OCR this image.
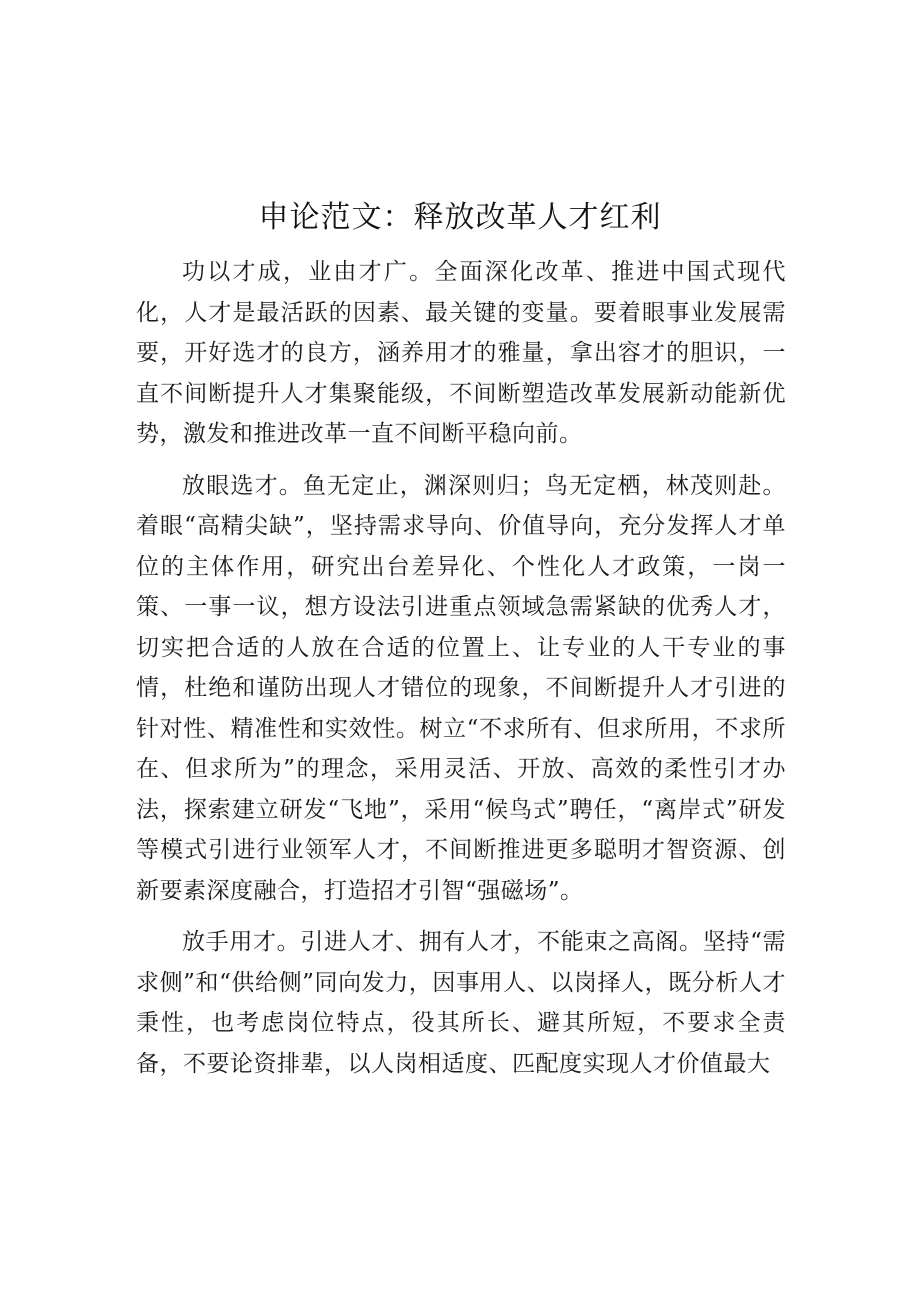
申论范文：释放改革人才红利

功以才成，业由才广。全面深化改革、推进中国式现代化，人才是最活跃的因素、最关键的变量。要着眼事业发展需要，开好选才的良方，涵养用才的雅量，拿出容才的胆识，一直不间断提升人才集聚能级，不间断塑造改革发展新动能新优势，激发和推进改革一直不间断平稳向前。

放眼选才。鱼无定止，渊深则归；鸟无定栖，林茂则赴。着眼“高精尖缺”，坚持需求导向、价值导向，充分发挥人才单位的主体作用，研究出台差异化、个性化人才政策，一岗一策、一事一议，想方设法引进重点领域急需紧缺的优秀人才，切实把合适的人放在合适的位置上、让专业的人干专业的事情，杜绝和谨防出现人才错位的现象，不间断提升人才引进的针对性、精准性和实效性。树立“不求所有、但求所用，不求所在、但求所为”的理念，采用灵活、开放、高效的柔性引才办法，探索建立研发“飞地”，采用“候鸟式”聘任，“离岸式”研发等模式引进行业领军人才，不间断推进更多聪明才智资源、创新要素深度融合，打造招才引智“强磁场”。

放手用才。引进人才、拥有人才，不能束之高阁。坚持“需求侧”和“供给侧”同向发力，因事用人、以岗择人，既分析人才秉性，也考虑岗位特点，役其所长、避其所短，不要求全责备，不要论资排辈，以人岗相适度、匹配度实现人才价值最大
